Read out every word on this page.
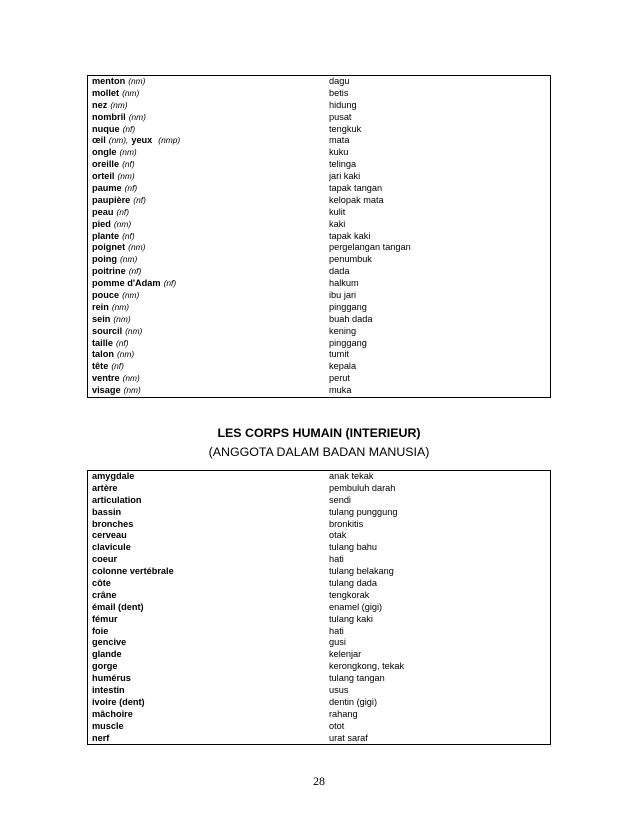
menton (nm)	dagu
mollet (nm)	betis
nez (nm)	hidung
nombril (nm)	pusat
nuque (nf)	tengkuk
œil (nm), yeux (nmp)	mata
ongle (nm)	kuku
oreille (nf)	telinga
orteil (nm)	jari kaki
paume (nf)	tapak tangan
paupière (nf)	kelopak mata
peau (nf)	kulit
pied (nm)	kaki
plante (nf)	tapak kaki
poignet (nm)	pergelangan tangan
poing (nm)	penumbuk
poitrine (nf)	dada
pomme d'Adam (nf)	halkum
pouce (nm)	ibu jari
rein (nm)	pinggang
sein (nm)	buah dada
sourcil (nm)	kening
taille (nf)	pinggang
talon (nm)	tumit
tête (nf)	kepala
ventre (nm)	perut
visage (nm)	muka
LES CORPS HUMAIN (INTERIEUR)
(ANGGOTA DALAM BADAN MANUSIA)
amygdale	anak tekak
artère	pembuluh darah
articulation	sendi
bassin	tulang punggung
bronches	bronkitis
cerveau	otak
clavicule	tulang bahu
coeur	hati
colonne vertébrale	tulang belakang
côte	tulang dada
crâne	tengkorak
émail (dent)	enamel (gigi)
fémur	tulang kaki
foie	hati
gencive	gusi
glande	kelenjar
gorge	kerongkong, tekak
humérus	tulang tangan
intestin	usus
ivoire (dent)	dentin (gigi)
mâchoire	rahang
muscle	otot
nerf	urat saraf
28
